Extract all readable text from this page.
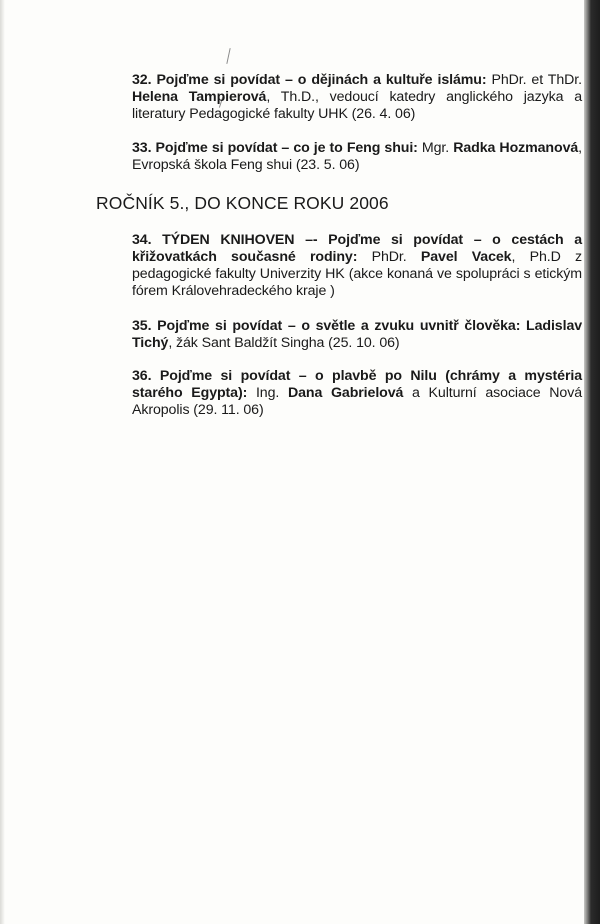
32. Pojďme si povídat – o dějinách a kultuře islámu: PhDr. et ThDr. Helena Tampierová, Th.D., vedoucí katedry anglického jazyka a literatury Pedagogické fakulty UHK (26. 4. 06)
33. Pojďme si povídat – co je to Feng shui: Mgr. Radka Hozmanová, Evropská škola Feng shui (23. 5. 06)
ROČNÍK 5., DO KONCE ROKU 2006
34. TÝDEN KNIHOVEN –- Pojďme si povídat – o cestách a křižovatkách současné rodiny: PhDr. Pavel Vacek, Ph.D z pedagogické fakulty Univerzity HK (akce konaná ve spolupráci s etickým fórem Královehradeckého kraje )
35. Pojďme si povídat – o světle a zvuku uvnitř člověka: Ladislav Tichý, žák Sant Baldžít Singha (25. 10. 06)
36. Pojďme si povídat – o plavbě po Nilu (chrámy a mystéria starého Egypta): Ing. Dana Gabrielová a Kulturní asociace Nová Akropolis (29. 11. 06)
